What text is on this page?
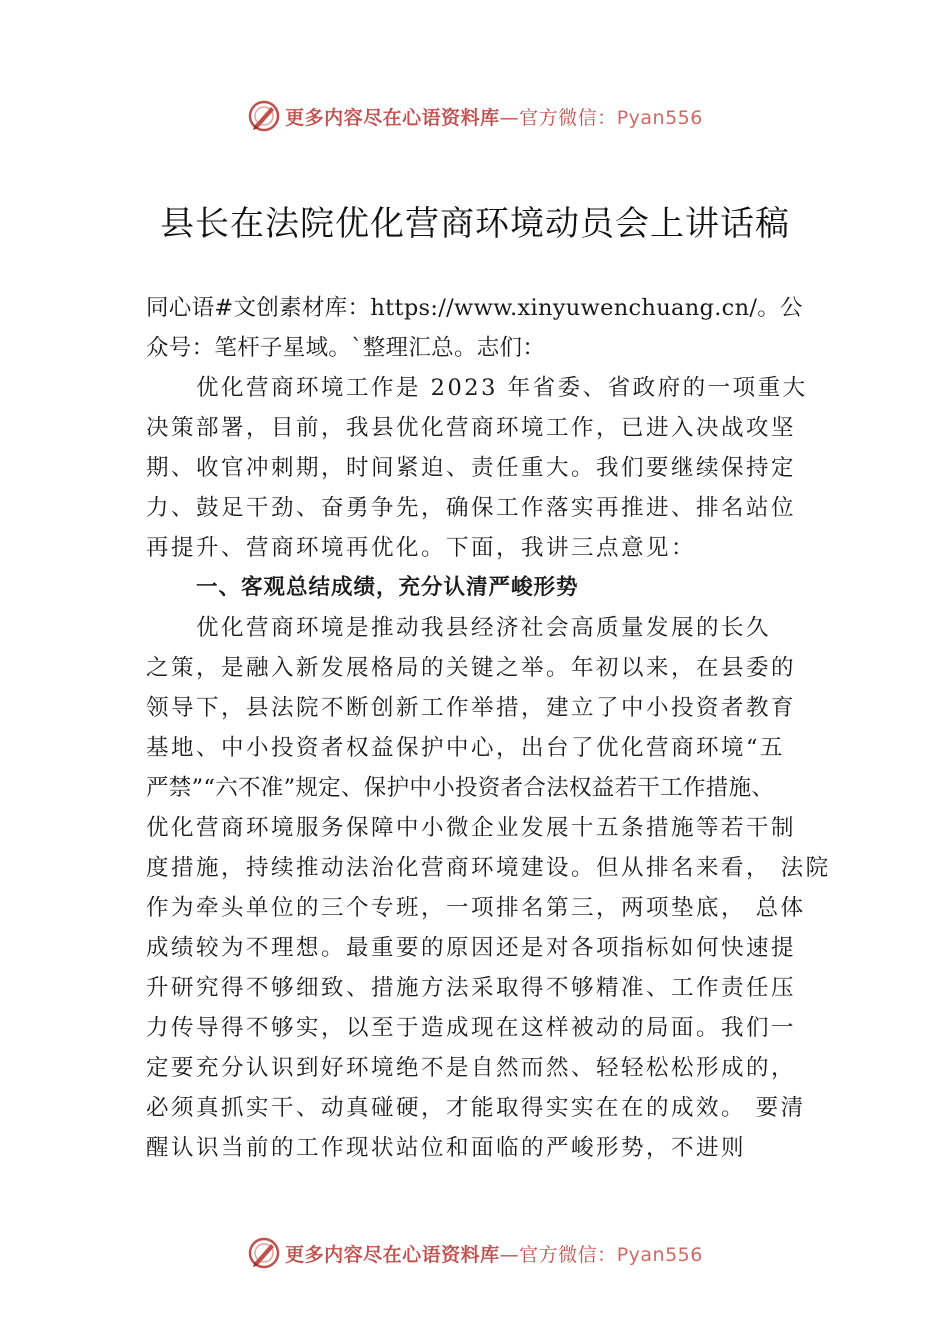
更多内容尽在心语资料库—官方微信：Pyan556
县长在法院优化营商环境动员会上讲话稿
同心语#文创素材库：https://www.xinyuwenchuang.cn/。公
众号：笔杆子星域。`整理汇总。志们：
优化营商环境工作是 2023 年省委、省政府的一项重大
决策部署，目前，我县优化营商环境工作，已进入决战攻坚
期、收官冲刺期，时间紧迫、责任重大。我们要继续保持定
力、鼓足干劲、奋勇争先，确保工作落实再推进、排名站位
再提升、营商环境再优化。下面，我讲三点意见：
一、客观总结成绩，充分认清严峻形势
优化营商环境是推动我县经济社会高质量发展的长久
之策，是融入新发展格局的关键之举。年初以来，在县委的
领导下，县法院不断创新工作举措，建立了中小投资者教育
基地、中小投资者权益保护中心，出台了优化营商环境“五
严禁”“六不准”规定、保护中小投资者合法权益若干工作措施、
优化营商环境服务保障中小微企业发展十五条措施等若干制
度措施，持续推动法治化营商环境建设。但从排名来看， 法院
作为牵头单位的三个专班，一项排名第三，两项垫底， 总体
成绩较为不理想。最重要的原因还是对各项指标如何快速提
升研究得不够细致、措施方法采取得不够精准、工作责任压
力传导得不够实，以至于造成现在这样被动的局面。我们一
定要充分认识到好环境绝不是自然而然、轻轻松松形成的，
必须真抓实干、动真碰硬，才能取得实实在在的成效。 要清
醒认识当前的工作现状站位和面临的严峻形势，不进则
更多内容尽在心语资料库—官方微信：Pyan556
